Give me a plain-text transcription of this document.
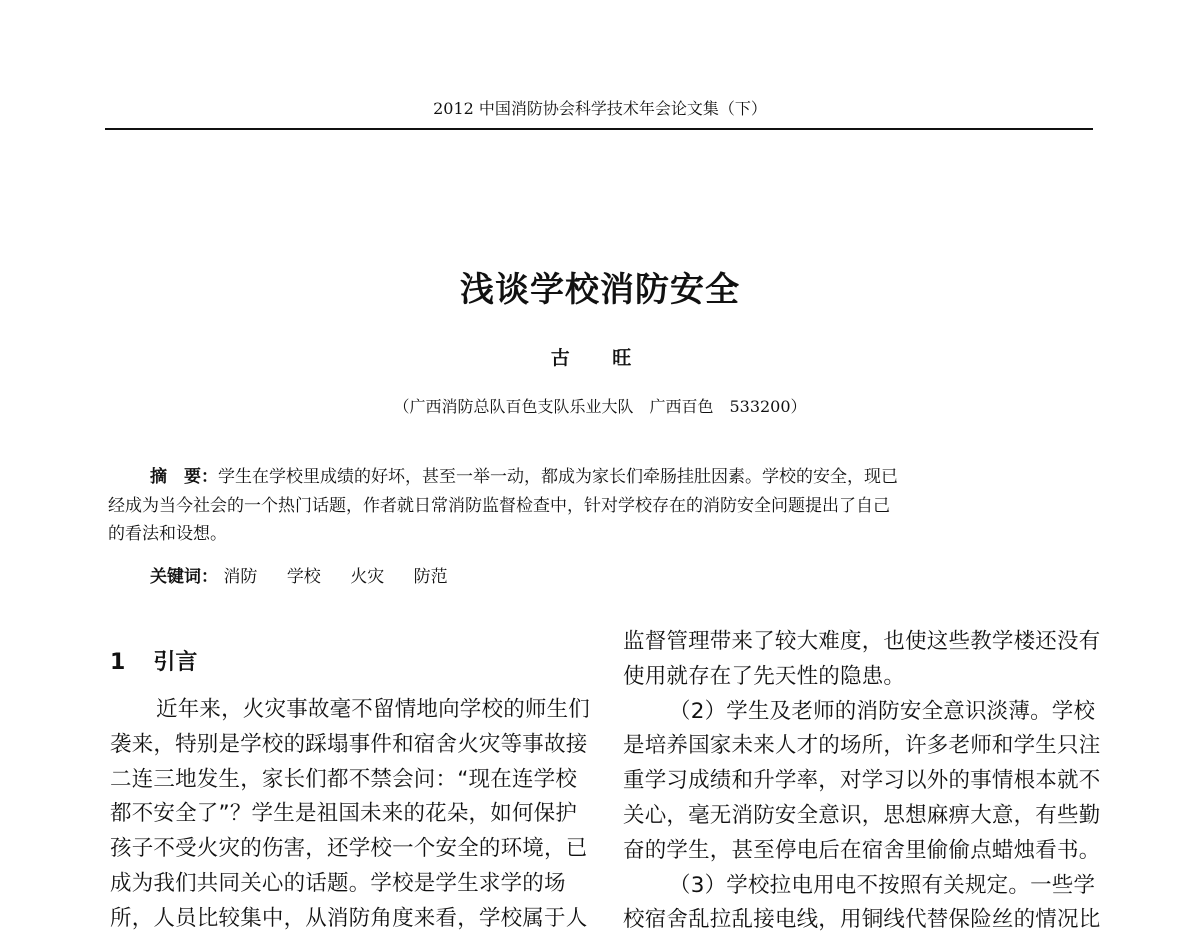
2012 中国消防协会科学技术年会论文集（下）
浅谈学校消防安全
古 旺
（广西消防总队百色支队乐业大队　广西百色　533200）
摘　要：学生在学校里成绩的好坏，甚至一举一动，都成为家长们牵肠挂肚因素。学校的安全，现已
经成为当今社会的一个热门话题，作者就日常消防监督检查中，针对学校存在的消防安全问题提出了自己
的看法和设想。
关键词： 消防 学校 火灾 防范
1 引言
近年来，火灾事故毫不留情地向学校的师生们
袭来，特别是学校的踩塌事件和宿舍火灾等事故接
二连三地发生，家长们都不禁会问：“现在连学校
都不安全了”？学生是祖国未来的花朵，如何保护
孩子不受火灾的伤害，还学校一个安全的环境，已
成为我们共同关心的话题。学校是学生求学的场
所，人员比较集中，从消防角度来看，学校属于人
监督管理带来了较大难度，也使这些教学楼还没有
使用就存在了先天性的隐患。
（2）学生及老师的消防安全意识淡薄。学校
是培养国家未来人才的场所，许多老师和学生只注
重学习成绩和升学率，对学习以外的事情根本就不
关心，毫无消防安全意识，思想麻痹大意，有些勤
奋的学生，甚至停电后在宿舍里偷偷点蜡烛看书。
（3）学校拉电用电不按照有关规定。一些学
校宿舍乱拉乱接电线，用铜线代替保险丝的情况比
